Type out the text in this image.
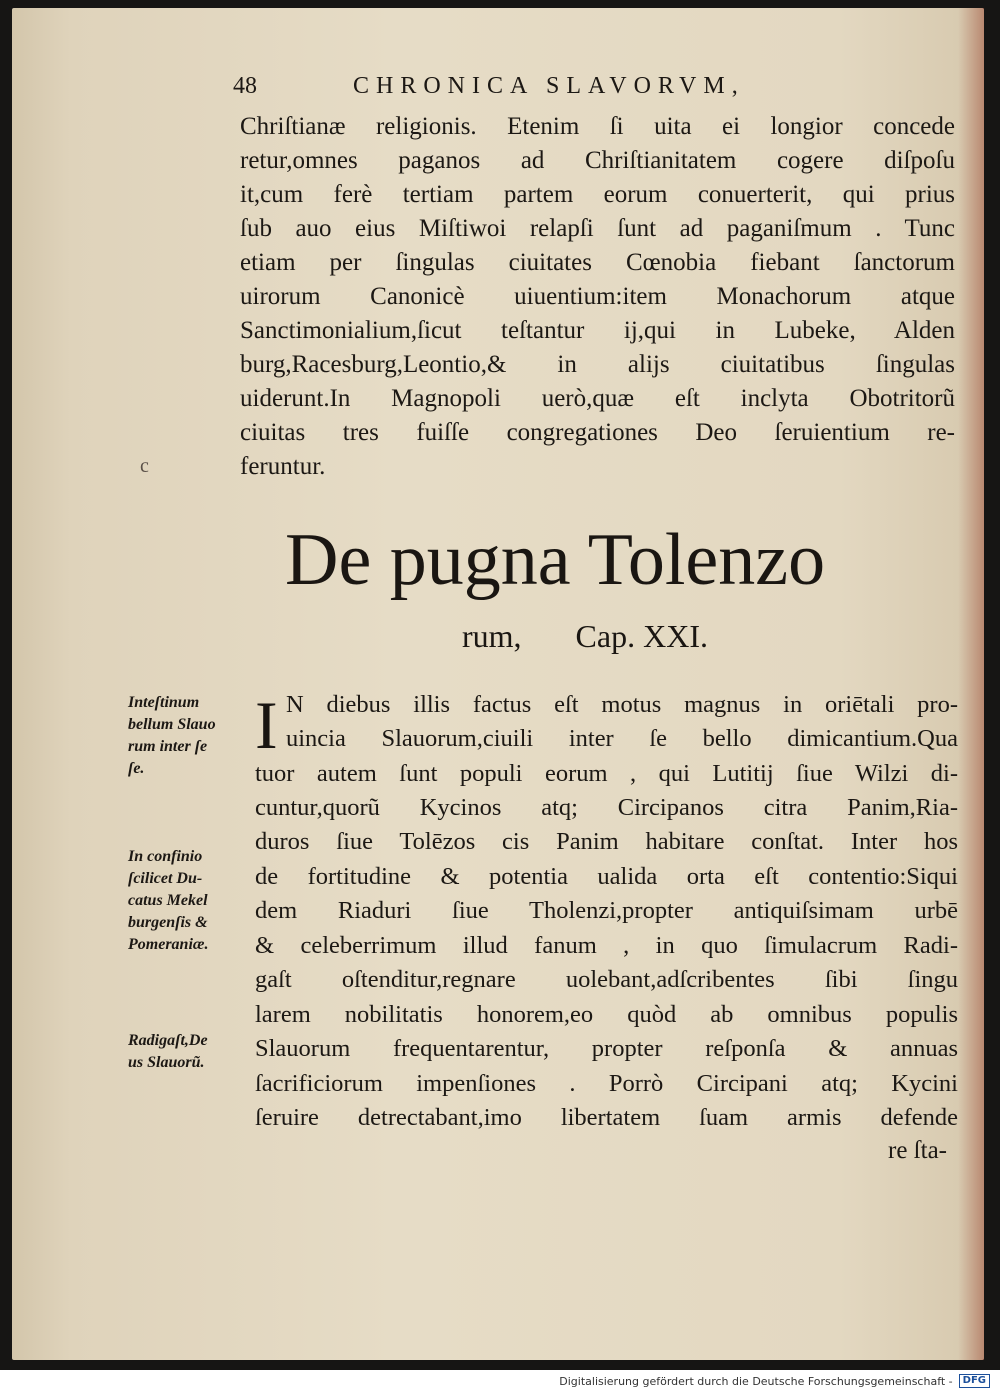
48	CHRONICA SLAVORVM,
Chriſtianæ religionis. Etenim ſi uita ei longior concede
retur,omnes paganos ad Chriſtianitatem cogere diſpoſu
it,cum ferè tertiam partem eorum conuerterit, qui prius
ſub auo eius Miſtiwoi relapſi ſunt ad paganiſmum . Tunc
etiam per ſingulas ciuitates Cœnobia fiebant ſanctorum
uirorum Canonicè uiuentium:item Monachorum atque
Sanctimonialium,ſicut teſtantur ij,qui in Lubeke, Alden
burg,Racesburg,Leontio,& in alijs ciuitatibus ſingulas
uiderunt.In Magnopoli uerò,quæ eſt inclyta Obotritorũ
ciuitas tres fuiſſe congregationes Deo ſeruientium re-
feruntur.
c
De pugna Tolenzo
rum, Cap. XXI.
I N diebus illis factus eſt motus magnus in oriētali pro-
uincia Slauorum,ciuili inter ſe bello dimicantium.Qua
tuor autem ſunt populi eorum , qui Lutitij ſiue Wilzi di-
cuntur,quorũ Kycinos atq; Circipanos citra Panim,Ria-
duros ſiue Tolēzos cis Panim habitare conſtat. Inter hos
de fortitudine & potentia ualida orta eſt contentio:Siqui
dem Riaduri ſiue Tholenzi,propter antiquiſsimam urbē
& celeberrimum illud fanum , in quo ſimulacrum Radi-
gaſt oſtenditur,regnare uolebant,adſcribentes ſibi ſingu
larem nobilitatis honorem,eo quòd ab omnibus populis
Slauorum frequentarentur, propter reſponſa & annuas
ſacrificiorum impenſiones . Porrò Circipani atq; Kycini
ſeruire detrectabant,imo libertatem ſuam armis defende
re ſta-
Inteſtinum
bellum Slauo
rum inter ſe
ſe.
In confinio
ſcilicet Du-
catus Mekel
burgenſis &
Pomeraniæ.
Radigaſt,De
us Slauorũ.
Digitalisierung gefördert durch die Deutsche Forschungsgemeinschaft -	DFG
